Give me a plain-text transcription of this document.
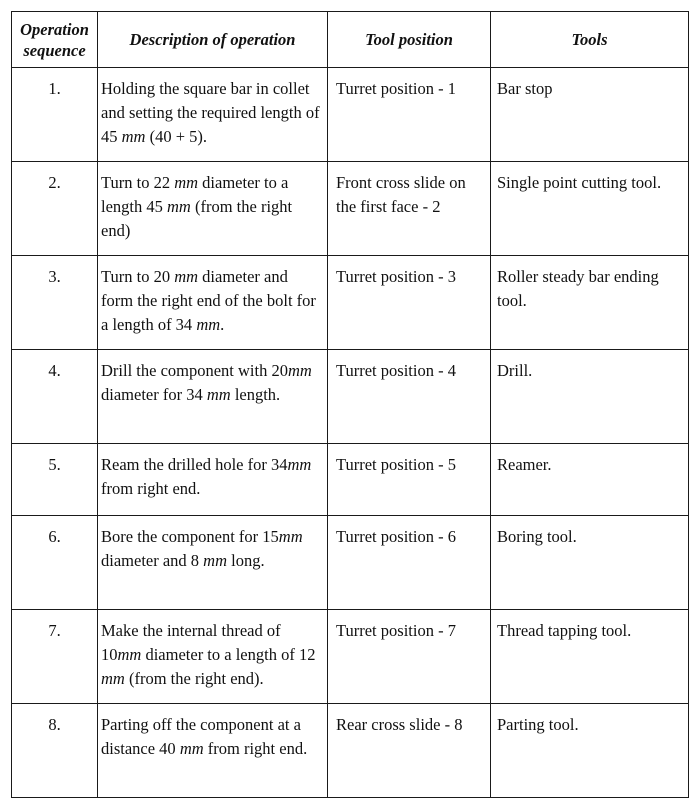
Operation sequence	Description of operation	Tool position	Tools
1.	Holding the square bar in collet and setting the required length of 45 mm (40 + 5).	Turret position - 1	Bar stop
2.	Turn to 22 mm diameter to a length 45 mm (from the right end)	Front cross slide on the first face - 2	Single point cutting tool.
3.	Turn to 20 mm diameter and form the right end of the bolt for a length of 34 mm.	Turret position - 3	Roller steady bar ending tool.
4.	Drill the component with 20mm diameter for 34 mm length.	Turret position - 4	Drill.
5.	Ream the drilled hole for 34mm from right end.	Turret position - 5	Reamer.
6.	Bore the component for 15mm diameter and 8 mm long.	Turret position - 6	Boring tool.
7.	Make the internal thread of 10mm diameter to a length of 12 mm (from the right end).	Turret position - 7	Thread tapping tool.
8.	Parting off the component at a distance 40 mm from right end.	Rear cross slide - 8	Parting tool.
